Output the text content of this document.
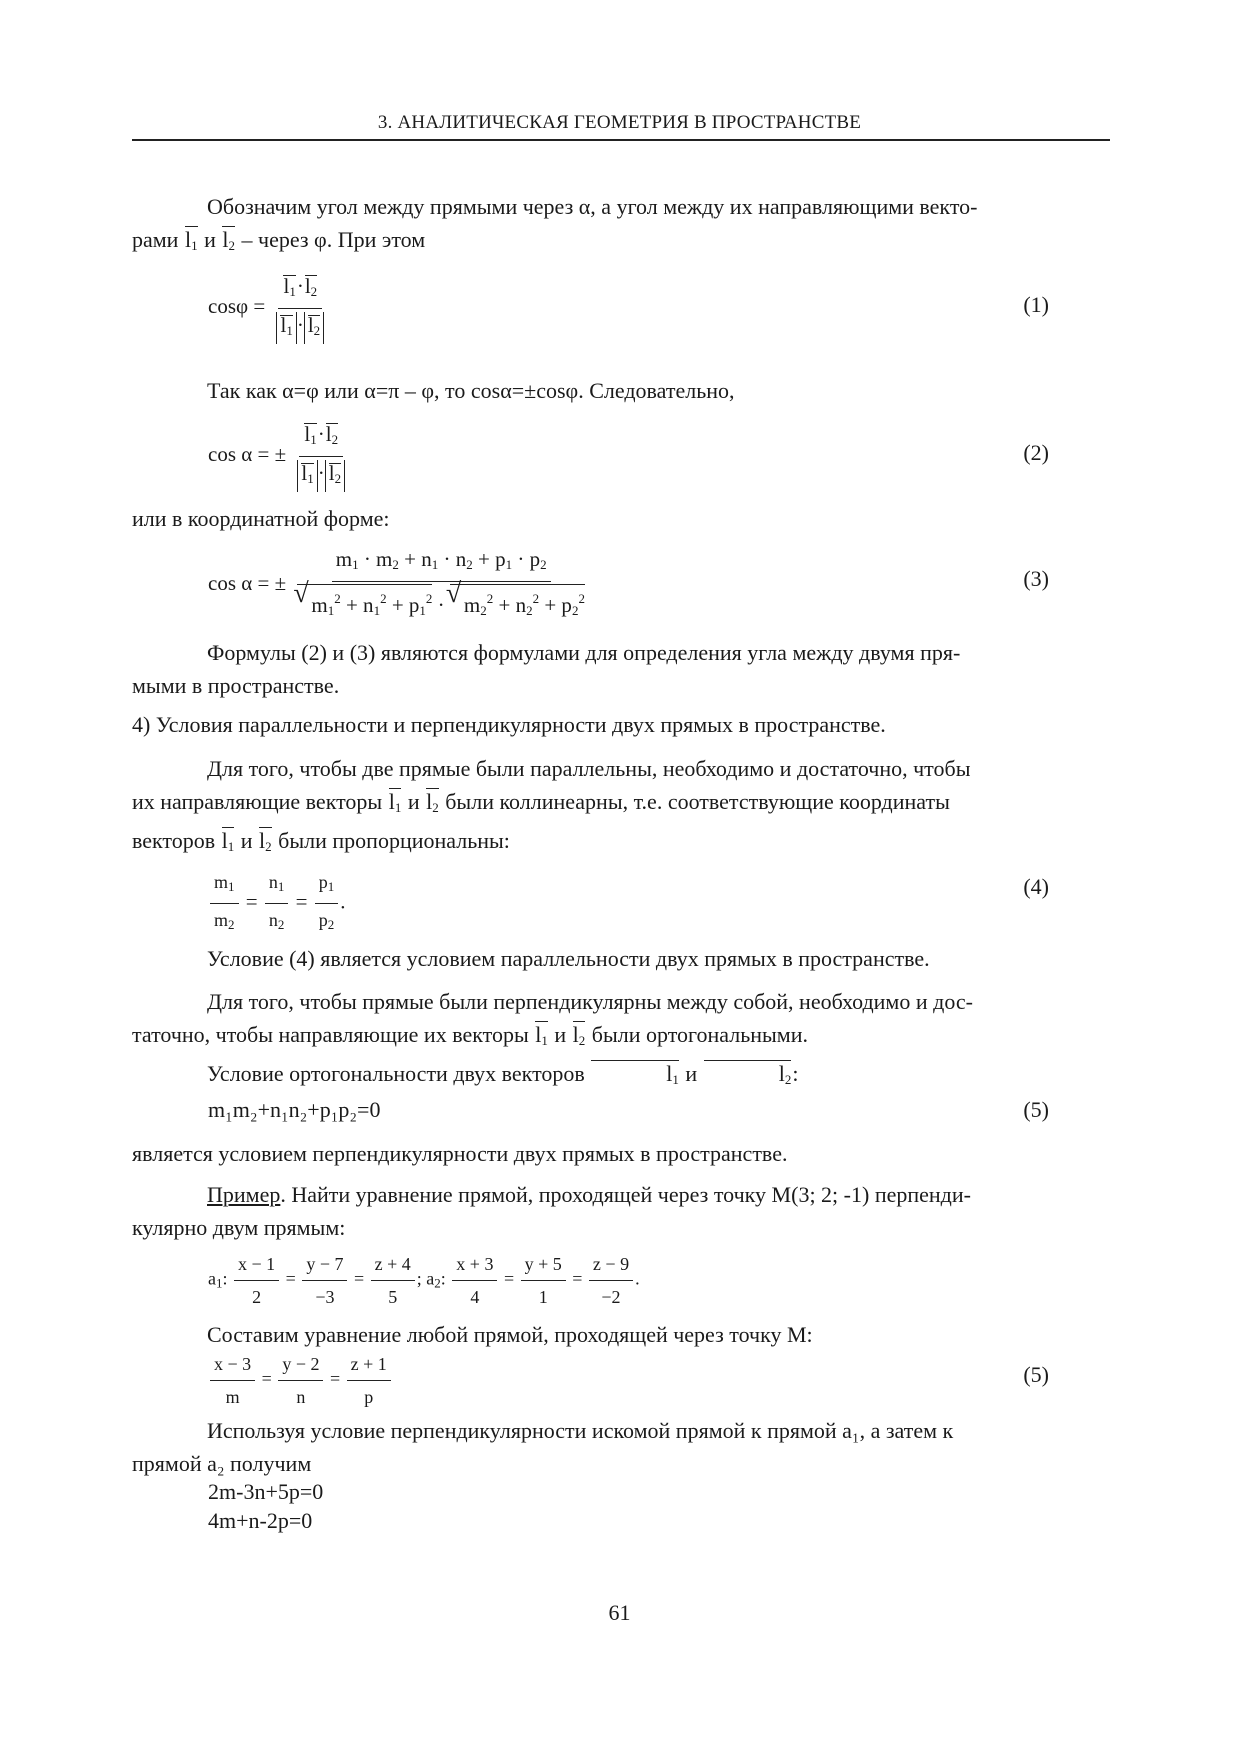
3. АНАЛИТИЧЕСКАЯ ГЕОМЕТРИЯ В ПРОСТРАНСТВЕ

Обозначим угол между прямыми через α, а угол между их направляющими векто-

рами $l_1$ и $l_2$ – через φ. При этом

$\cos\varphi = \frac{l_1\cdot l_2}{l_1 \cdot l_2}$	(1)

Так как α=φ или α=π – φ, то cosα=±cosφ. Следовательно,

cos α = ± $\frac{l_1\cdot l_2}{l_1 \cdot l_2}$	(2)

или в координатной форме:

cos α = ± $m_1 \cdot m_2 + n_1 \cdot n_2 + p_1 \cdot p_2$
√ $m_1^2 + n_1^2 + p_1^2$ · √ $m_2^2 + n_2^2 + p_2^2$	(3)

Формулы (2) и (3) являются формулами для определения угла между двумя пря-

мыми в пространстве.

4) Условия параллельности и перпендикулярности двух прямых в пространстве.

Для того, чтобы две прямые были параллельны, необходимо и достаточно, чтобы

их направляющие векторы $l_1$ и $l_2$ были коллинеарны, т.е. соответствующие координаты

векторов $l_1$ и $l_2$ были пропорциональны:

$\frac{m_1}{m_2} = \frac{n_1}{n_2} = \frac{p_1}{p_2}$ .
(4)

Условие (4) является условием параллельности двух прямых в пространстве.

Для того, чтобы прямые были перпендикулярны между собой, необходимо и дос-

таточно, чтобы направляющие их векторы $l_1$ и $l_2$ были ортогональными.

Условие ортогональности двух векторов	$l_1$ и	$l_2$:

m₁m₂+n₁n₂+p₁p₂=0	(5)

является условием перпендикулярности двух прямых в пространстве.

Пример. Найти уравнение прямой, проходящей через точку М(3; 2; -1) перпенди-

кулярно двум прямым:

$a_1$: $\frac{x - 1}{2} = \frac{y - 7}{-3} = \frac{z + 4}{5}$ ; $a_2$: $\frac{x + 3}{4} = \frac{y + 5}{1} = \frac{z - 9}{-2}$ .

Составим уравнение любой прямой, проходящей через точку М:

$\frac{x - 3}{m} = \frac{y - 2}{n} = \frac{z + 1}{p}$	(5)

Используя условие перпендикулярности искомой прямой к прямой a₁, а затем к

прямой a₂ получим

2m-3n+5p=0
4m+n-2p=0
61
